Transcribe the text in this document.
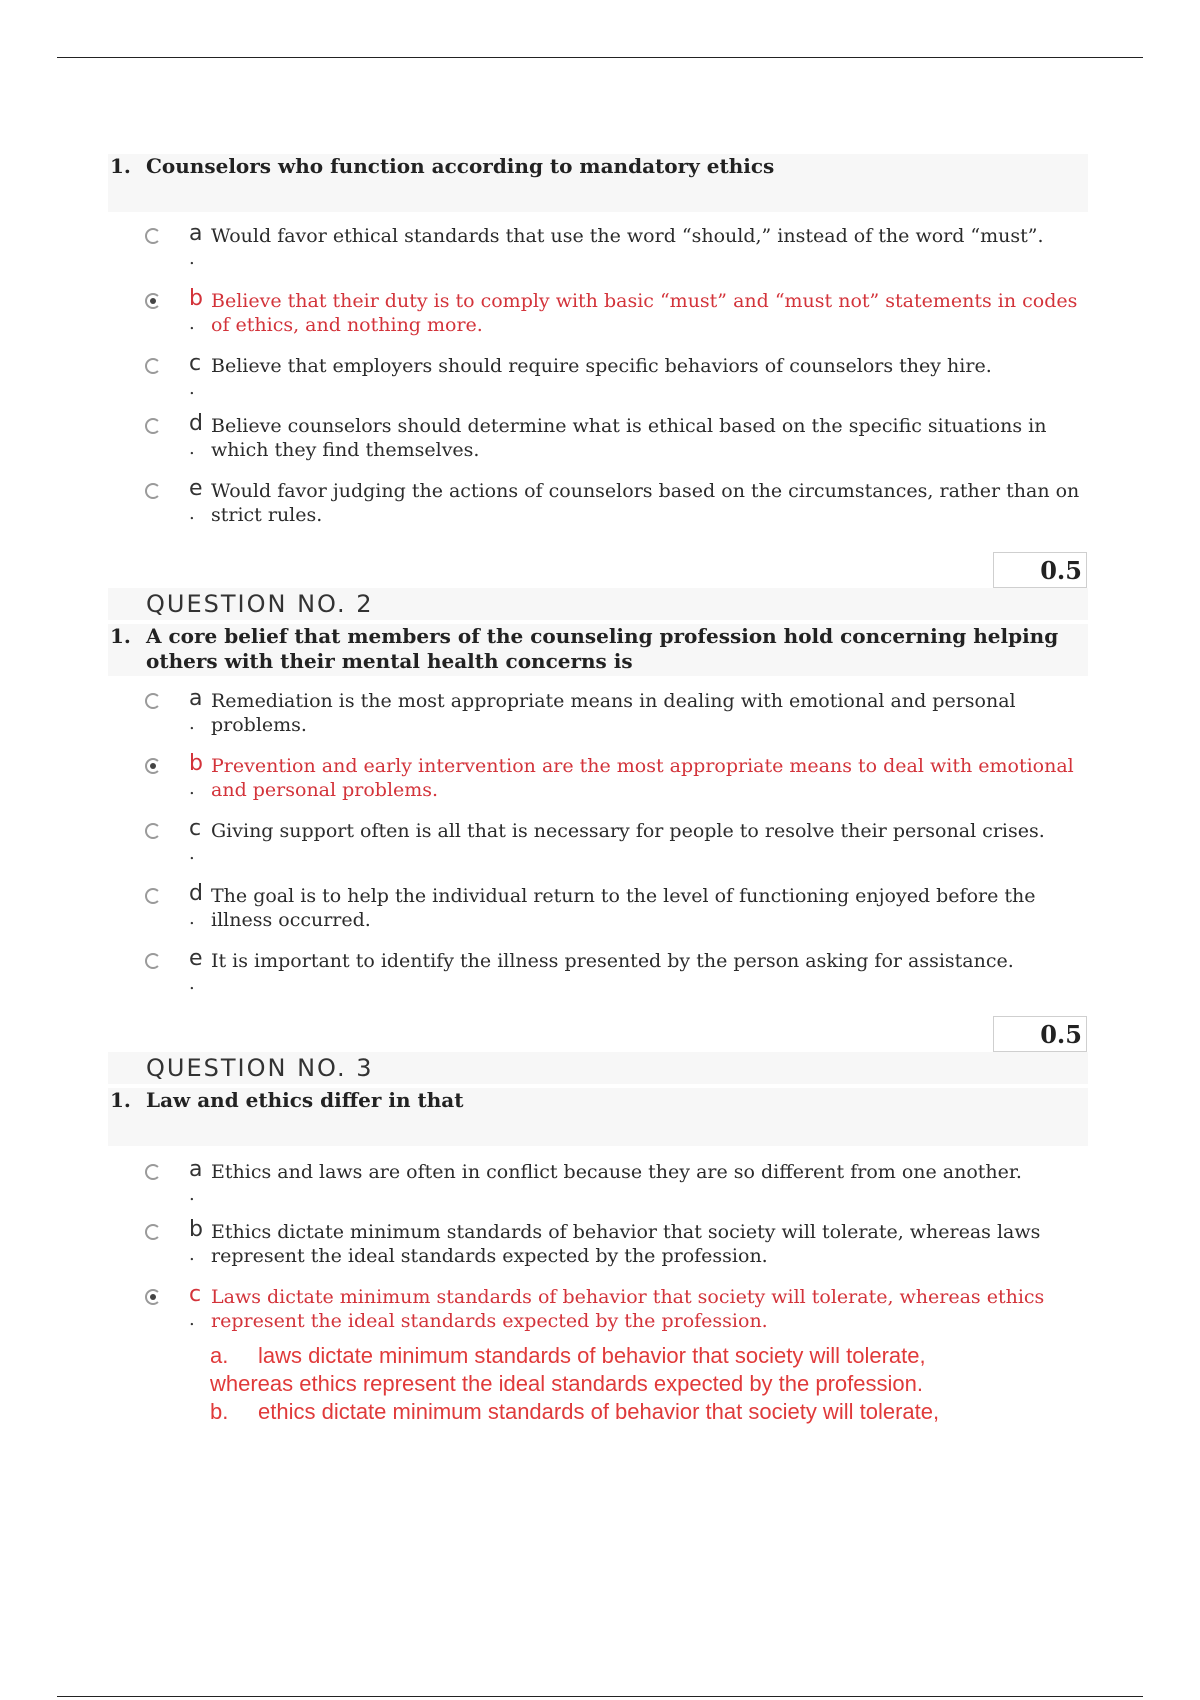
1. Counselors who function according to mandatory ethics
a
.
Would favor ethical standards that use the word “should,” instead of the word “must”.
b
.
Believe that their duty is to comply with basic “must” and “must not” statements in codes of ethics, and nothing more.
c
.
Believe that employers should require specific behaviors of counselors they hire.
d
.
Believe counselors should determine what is ethical based on the specific situations in which they find themselves.
e
.
Would favor judging the actions of counselors based on the circumstances, rather than on strict rules.
0.5
QUESTION NO. 2
1. A core belief that members of the counseling profession hold concerning helping others with their mental health concerns is
a
.
Remediation is the most appropriate means in dealing with emotional and personal problems.
b
.
Prevention and early intervention are the most appropriate means to deal with emotional and personal problems.
c
.
Giving support often is all that is necessary for people to resolve their personal crises.
d
.
The goal is to help the individual return to the level of functioning enjoyed before the illness occurred.
e
.
It is important to identify the illness presented by the person asking for assistance.
0.5
QUESTION NO. 3
1. Law and ethics differ in that
a
.
Ethics and laws are often in conflict because they are so different from one another.
b
.
Ethics dictate minimum standards of behavior that society will tolerate, whereas laws represent the ideal standards expected by the profession.
c
.
Laws dictate minimum standards of behavior that society will tolerate, whereas ethics represent the ideal standards expected by the profession.
a. laws dictate minimum standards of behavior that society will tolerate,
whereas ethics represent the ideal standards expected by the profession.
b. ethics dictate minimum standards of behavior that society will tolerate,
